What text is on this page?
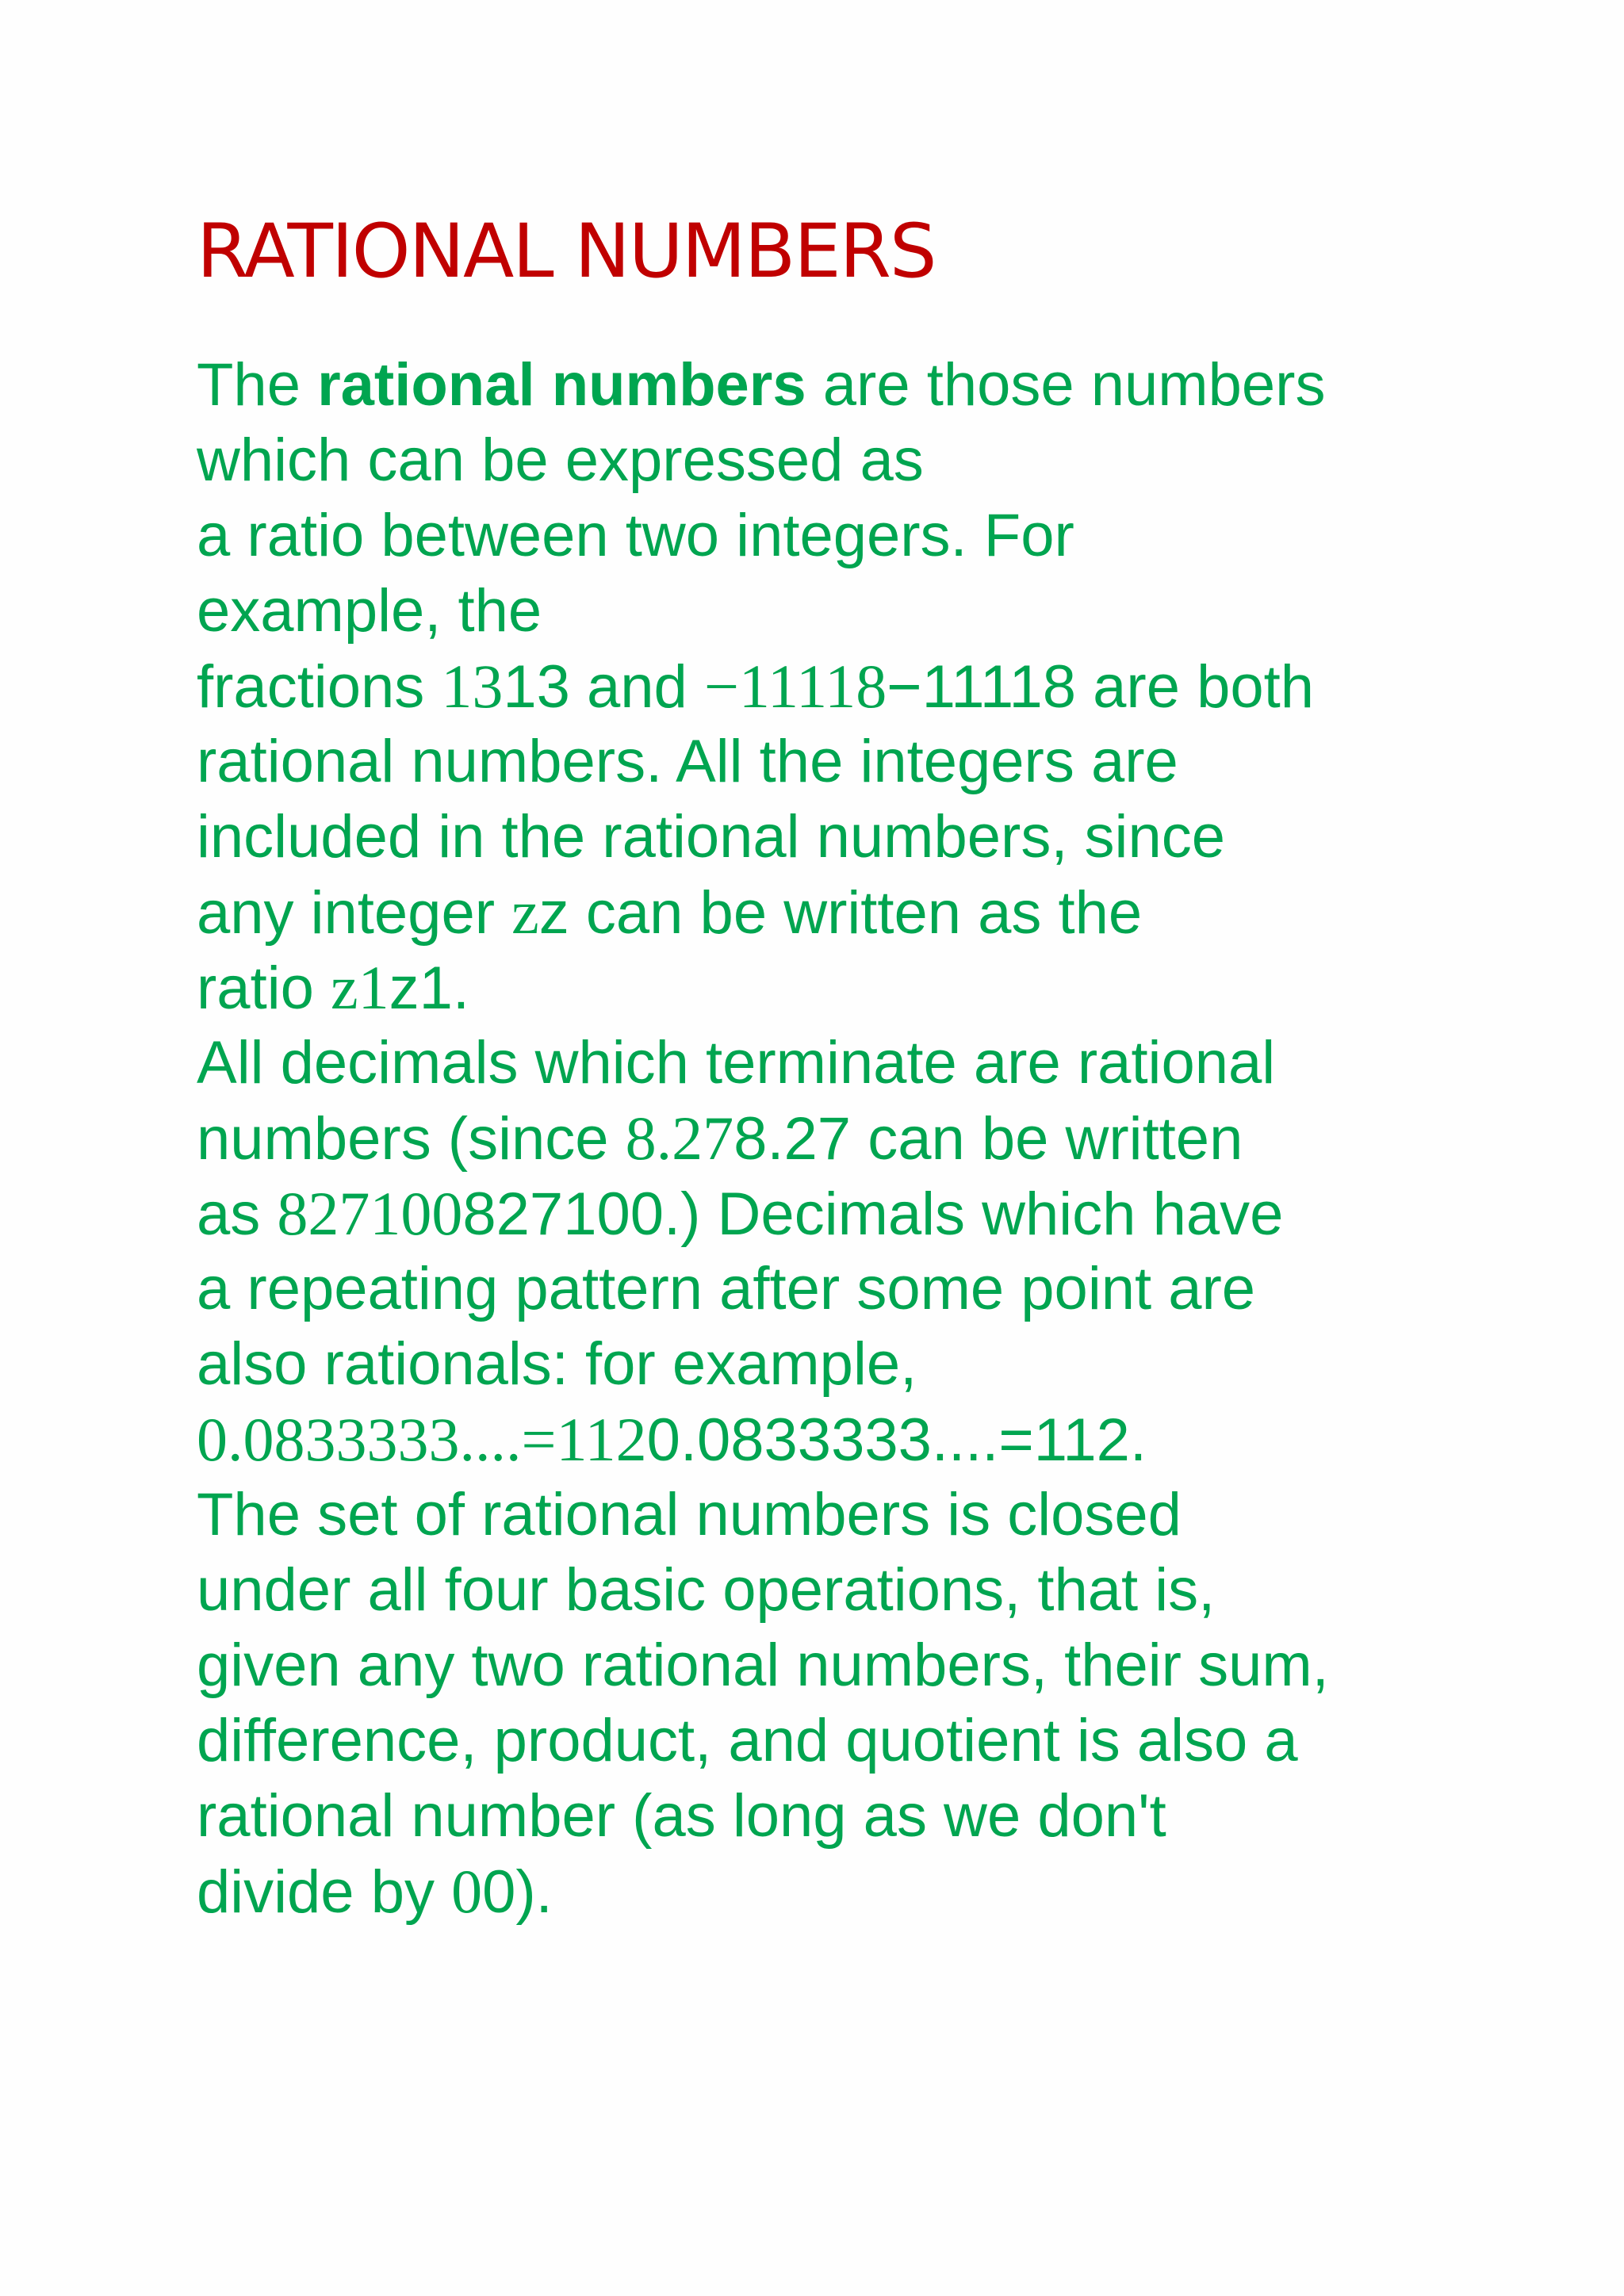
RATIONAL NUMBERS
The rational numbers are those numbers
which can be expressed as
a ratio between two integers. For
example, the
fractions 1313 and −11118−11118 are both
rational numbers. All the integers are
included in the rational numbers, since
any integer zz can be written as the
ratio z1z1.
All decimals which terminate are rational
numbers (since 8.278.27 can be written
as 827100827100.) Decimals which have
a repeating pattern after some point are
also rationals: for example,
0.0833333....=1120.0833333....=112.
The set of rational numbers is closed
under all four basic operations, that is,
given any two rational numbers, their sum,
difference, product, and quotient is also a
rational number (as long as we don't
divide by 00).
